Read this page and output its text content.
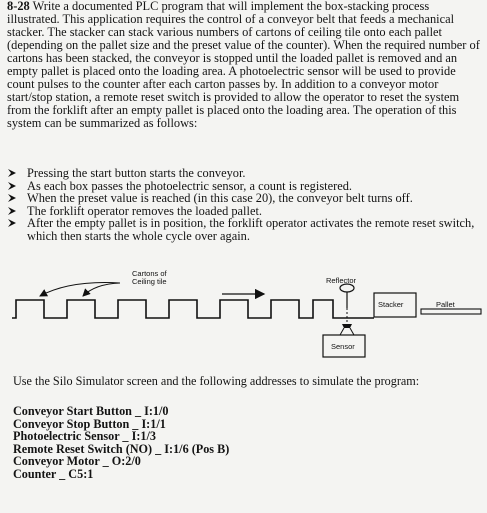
8-28 Write a documented PLC program that will implement the box-stacking process illustrated. This application requires the control of a conveyor belt that feeds a mechanical stacker. The stacker can stack various numbers of cartons of ceiling tile onto each pallet (depending on the pallet size and the preset value of the counter). When the required number of cartons has been stacked, the conveyor is stopped until the loaded pallet is removed and an empty pallet is placed onto the loading area. A photoelectric sensor will be used to provide count pulses to the counter after each carton passes by. In addition to a conveyor motor start/stop station, a remote reset switch is provided to allow the operator to reset the system from the forklift after an empty pallet is placed onto the loading area. The operation of this system can be summarized as follows:
Pressing the start button starts the conveyor.
As each box passes the photoelectric sensor, a count is registered.
When the preset value is reached (in this case 20), the conveyor belt turns off.
The forklift operator removes the loaded pallet.
After the empty pallet is in position, the forklift operator activates the remote reset switch, which then starts the whole cycle over again.
Cartons of
Ceiling tile	Reflector
Stacker	Pallet
Sensor
Use the Silo Simulator screen and the following addresses to simulate the program:
Conveyor Start Button _ I:1/0
Conveyor Stop Button _ I:1/1
Photoelectric Sensor _ I:1/3
Remote Reset Switch (NO) _ I:1/6 (Pos B)
Conveyor Motor _ O:2/0
Counter _ C5:1
